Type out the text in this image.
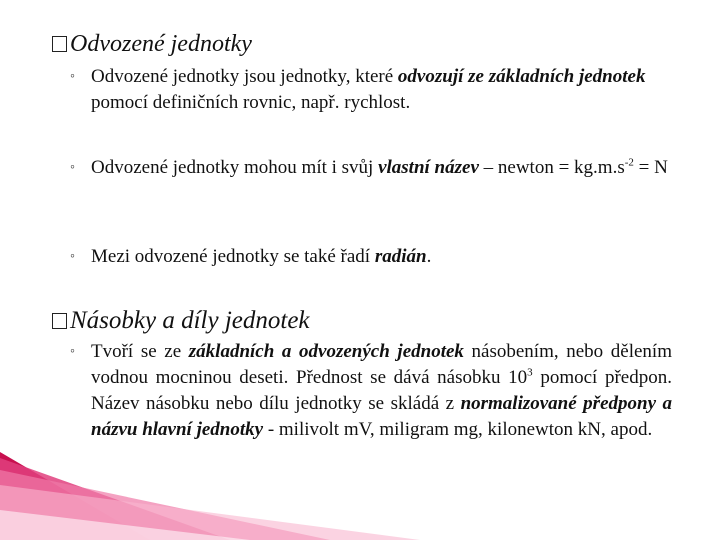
Odvozené jednotky
◦ Odvozené jednotky jsou jednotky, které odvozují ze základních jednotek pomocí definičních rovnic, např. rychlost.
◦ Odvozené jednotky mohou mít i svůj vlastní název – newton = $kg.m.s^{-2} = N$
◦ Mezi odvozené jednotky se také řadí radián.
Násobky a díly jednotek
◦ Tvoří se ze základních a odvozených jednotek násobením, nebo dělením vodnou mocninou deseti. Přednost se dává násobku $10^3$ pomocí předpon. Název násobku nebo dílu jednotky se skládá z normalizované předpony a názvu hlavní jednotky - milivolt mV, miligram mg, kilonewton kN, apod.
